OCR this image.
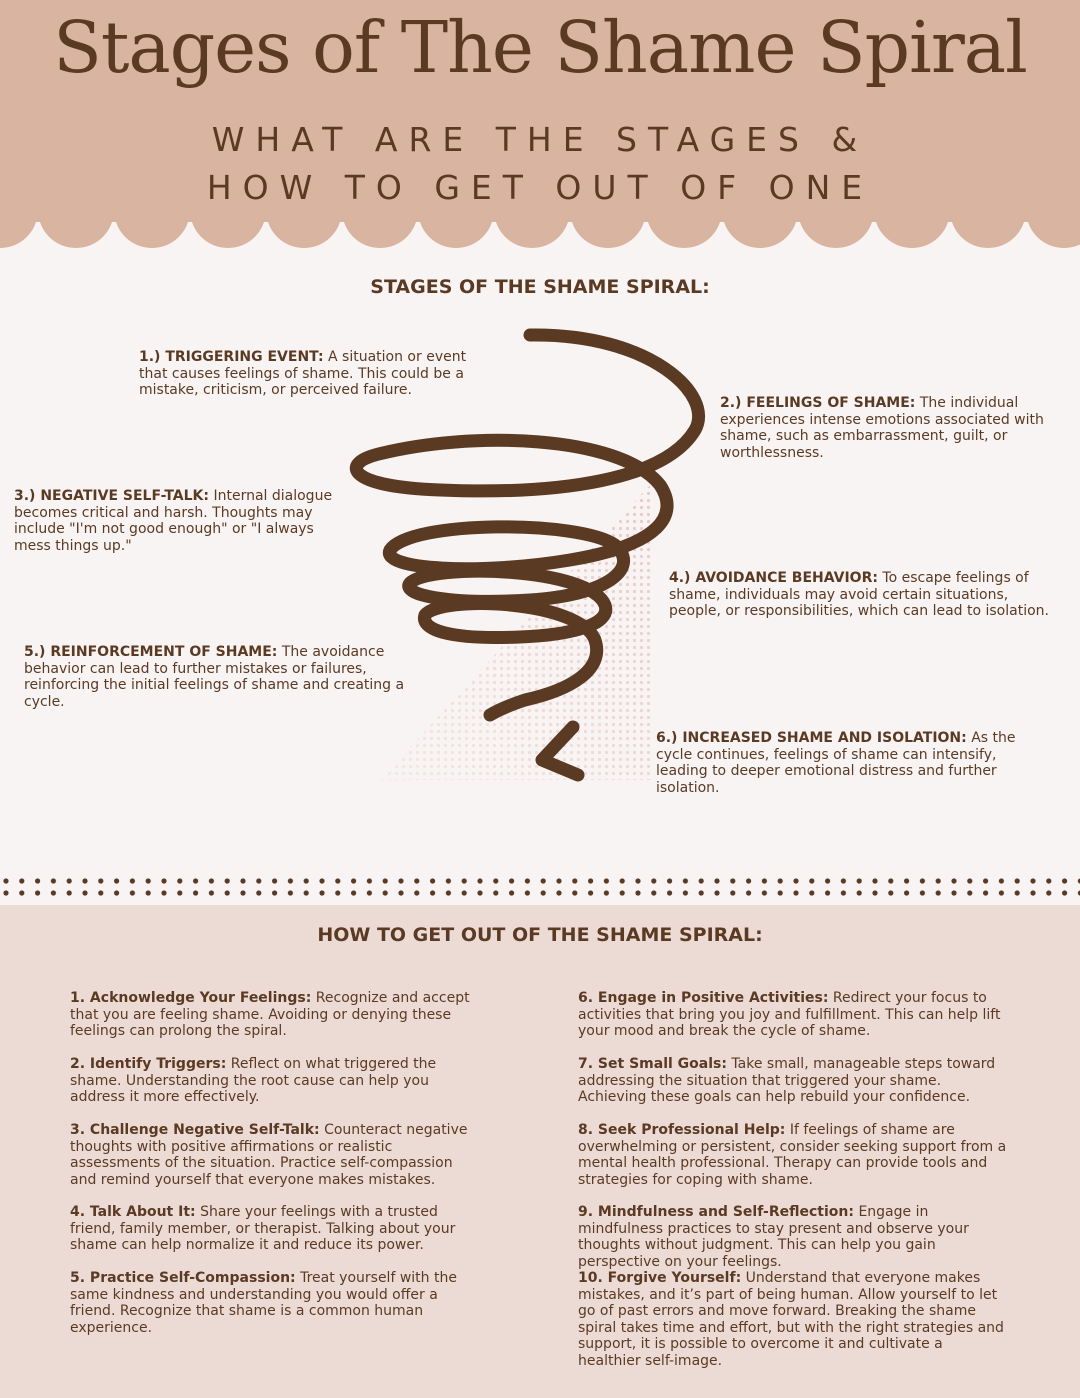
Stages of The Shame Spiral

WHAT ARE THE STAGES &

HOW TO GET OUT OF ONE

STAGES OF THE SHAME SPIRAL:
1.) TRIGGERING EVENT: A situation or event that causes feelings of shame. This could be a mistake, criticism, or perceived failure.
2.) FEELINGS OF SHAME: The individual experiences intense emotions associated with shame, such as embarrassment, guilt, or worthlessness.
3.) NEGATIVE SELF-TALK: Internal dialogue becomes critical and harsh. Thoughts may include "I'm not good enough" or "I always mess things up."
4.) AVOIDANCE BEHAVIOR: To escape feelings of shame, individuals may avoid certain situations, people, or responsibilities, which can lead to isolation.
5.) REINFORCEMENT OF SHAME: The avoidance behavior can lead to further mistakes or failures, reinforcing the initial feelings of shame and creating a cycle.
6.) INCREASED SHAME AND ISOLATION: As the cycle continues, feelings of shame can intensify, leading to deeper emotional distress and further isolation.
HOW TO GET OUT OF THE SHAME SPIRAL:
1. Acknowledge Your Feelings: Recognize and accept that you are feeling shame. Avoiding or denying these feelings can prolong the spiral.
2. Identify Triggers: Reflect on what triggered the shame. Understanding the root cause can help you address it more effectively.
3. Challenge Negative Self-Talk: Counteract negative thoughts with positive affirmations or realistic assessments of the situation. Practice self-compassion and remind yourself that everyone makes mistakes.
4. Talk About It: Share your feelings with a trusted friend, family member, or therapist. Talking about your shame can help normalize it and reduce its power.
5. Practice Self-Compassion: Treat yourself with the same kindness and understanding you would offer a friend. Recognize that shame is a common human experience.
6. Engage in Positive Activities: Redirect your focus to activities that bring you joy and fulfillment. This can help lift your mood and break the cycle of shame.
7. Set Small Goals: Take small, manageable steps toward addressing the situation that triggered your shame. Achieving these goals can help rebuild your confidence.
8. Seek Professional Help: If feelings of shame are overwhelming or persistent, consider seeking support from a mental health professional. Therapy can provide tools and strategies for coping with shame.
9. Mindfulness and Self-Reflection: Engage in mindfulness practices to stay present and observe your thoughts without judgment. This can help you gain perspective on your feelings.
10. Forgive Yourself: Understand that everyone makes mistakes, and it’s part of being human. Allow yourself to let go of past errors and move forward. Breaking the shame spiral takes time and effort, but with the right strategies and support, it is possible to overcome it and cultivate a healthier self-image.
